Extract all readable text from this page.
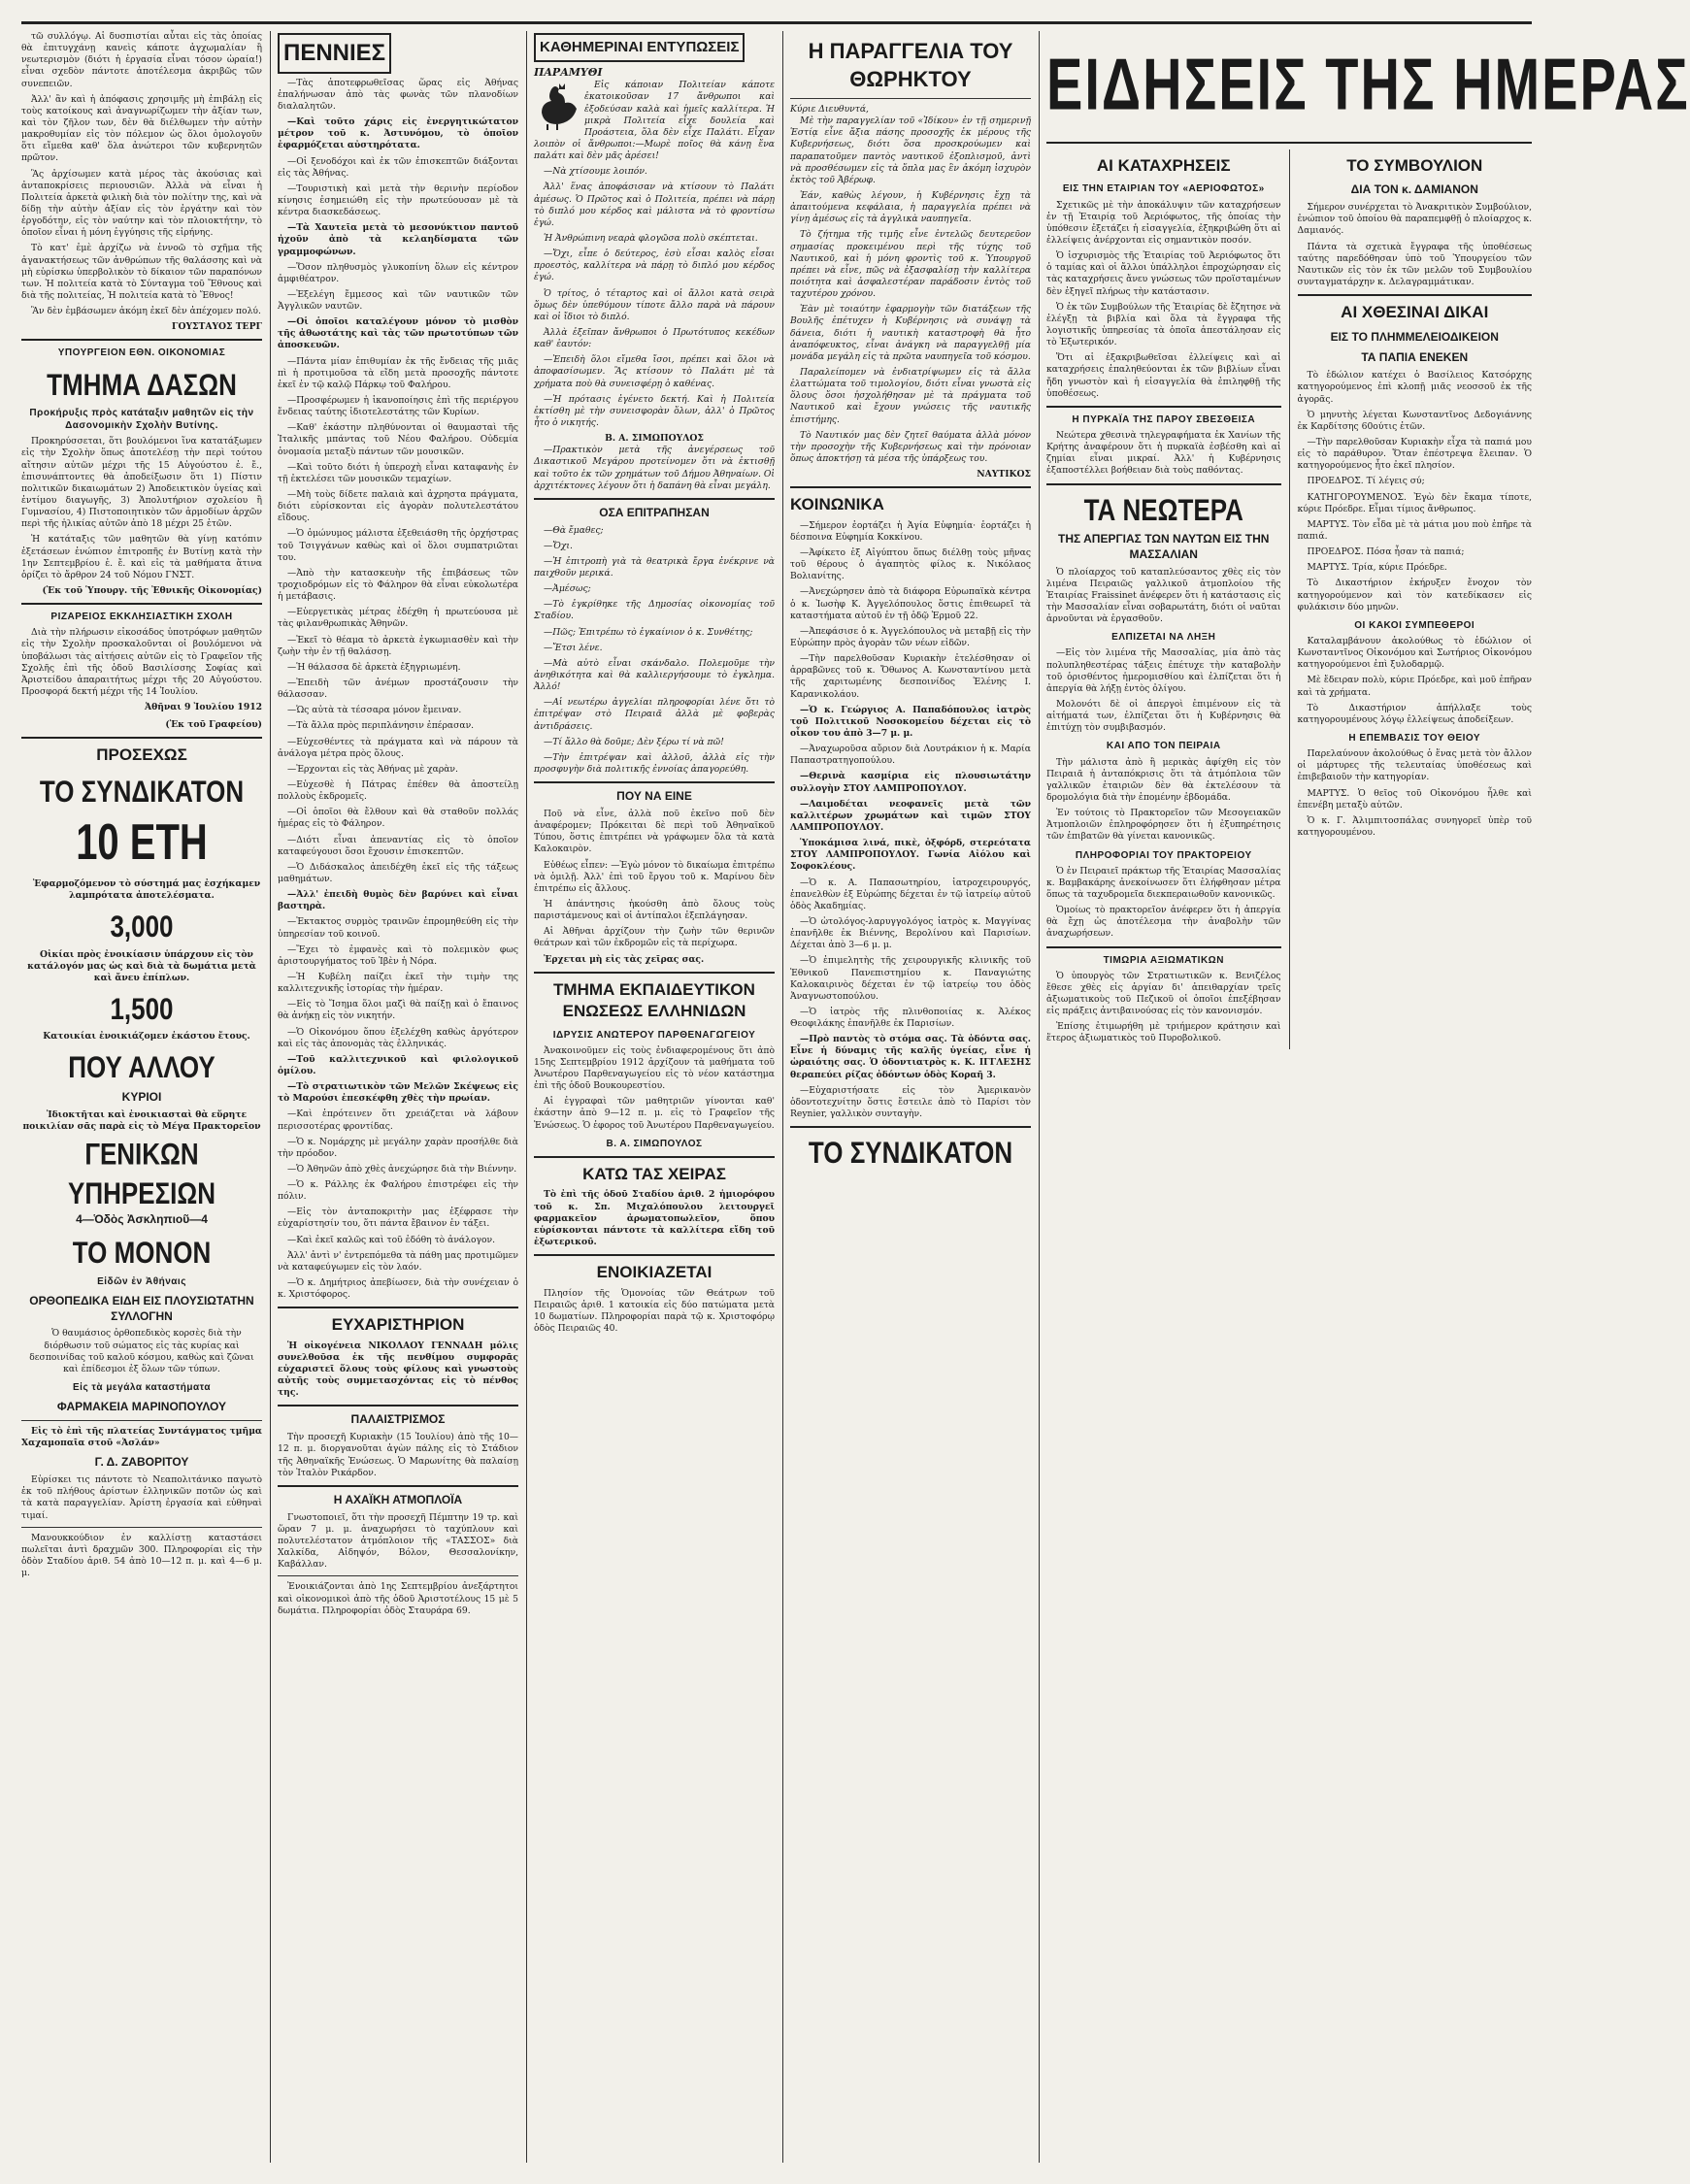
τῶ συλλόγῳ. Αἱ δυσπιστίαι αὗται εἰς τὰς ὁποίας θὰ ἐπιτυγχάνῃ κανεὶς κάποτε ἀγχωμαλίαν ἢ νεωτερισμὸν (διότι ἡ ἐργασία εἶναι τόσον ὡραία!) εἶναι σχεδὸν πάντοτε ἀποτέλεσμα ἀκριβῶς τῶν συνεπειῶν.

Ἀλλ' ἂν καὶ ἡ ἀπόφασις χρησιμῆς μὴ ἐπιβάλῃ εἰς τοὺς κατοίκους καὶ ἀναγνωρίζωμεν τὴν ἀξίαν των, καὶ τὸν ζῆλον των, δὲν θὰ διέλθωμεν τὴν αὐτὴν μακροθυμίαν εἰς τὸν πόλεμον ὡς ὅλοι ὁμολογοῦν ὅτι εἴμεθα καθ' ὅλα ἀνώτεροι τῶν κυβερνητῶν πρῶτον.

Ἃς ἀρχίσωμεν κατὰ μέρος τὰς ἀκούσιας καὶ ἀνταποκρίσεις περιουσιῶν. Ἀλλὰ νὰ εἶναι ἡ Πολιτεία ἀρκετὰ φιλικὴ διὰ τὸν πολίτην της, καὶ νὰ δίδῃ τὴν αὐτὴν ἀξίαν εἰς τὸν ἐργάτην καὶ τὸν ἐργοδότην, εἰς τὸν ναύτην καὶ τὸν πλοιοκτήτην, τὸ ὁποῖον εἶναι ἡ μόνη ἐγγύησις τῆς εἰρήνης.

Τὸ κατ' ἐμὲ ἀρχίζω νὰ ἐννοῶ τὸ σχῆμα τῆς ἀγανακτήσεως τῶν ἀνθρώπων τῆς θαλάσσης καὶ νὰ μὴ εὑρίσκω ὑπερβολικὸν τὸ δίκαιον τῶν παραπόνων των. Ἡ πολιτεία κατὰ τὸ Σύνταγμα τοῦ Ἔθνους καὶ διὰ τῆς πολιτείας, Ἡ πολιτεία κατὰ τὸ Ἔθνος!

Ἂν δὲν ἐμβάσωμεν ἀκόμη ἐκεῖ δὲν ἀπέχομεν πολύ.

ΓΟΥΣΤΑΥΟΣ ΤΕΡΓ
ΥΠΟΥΡΓΕΙΟΝ ΕΘΝ. ΟΙΚΟΝΟΜΙΑΣ
ΤΜΗΜΑ ΔΑΣΩΝ
Προκήρυξις πρὸς κατάταξιν μαθητῶν εἰς τὴν Δασονομικὴν Σχολὴν Βυτίνης.

Προκηρύσσεται, ὅτι βουλόμενοι ἵνα κατατάξωμεν εἰς τὴν Σχολὴν ὅπως ἀποτελέσῃ τὴν περὶ τούτου αἴτησιν αὐτῶν μέχρι τῆς 15 Αὐγούστου ἐ. ἔ., ἐπισυνάπτοντες θὰ ἀποδείξωσιν ὅτι 1) Πίστιν πολιτικῶν δικαιωμάτων 2) Ἀποδεικτικὸν ὑγείας καὶ ἐντίμου διαγωγῆς, 3) Ἀπολυτήριον σχολείου ἢ Γυμνασίου, 4) Πιστοποιητικὸν τῶν ἁρμοδίων ἀρχῶν περὶ τῆς ἡλικίας αὐτῶν ἀπὸ 18 μέχρι 25 ἐτῶν.

Ἡ κατάταξις τῶν μαθητῶν θὰ γίνῃ κατόπιν ἐξετάσεων ἐνώπιον ἐπιτροπῆς ἐν Βυτίνῃ κατὰ τὴν 1ην Σεπτεμβρίου ἐ. ἔ. καὶ εἰς τὰ μαθήματα ἅτινα ὁρίζει τὸ ἄρθρον 24 τοῦ Νόμου ΓΝΣΤ.

(Ἐκ τοῦ Ὑπουργ. τῆς Ἐθνικῆς Οἰκονομίας)
ΡΙΖΑΡΕΙΟΣ ΕΚΚΛΗΣΙΑΣΤΙΚΗ ΣΧΟΛΗ

Διὰ τὴν πλήρωσιν εἰκοσάδος ὑποτρόφων μαθητῶν εἰς τὴν Σχολὴν προσκαλοῦνται οἱ βουλόμενοι νὰ ὑποβάλωσι τὰς αἰτήσεις αὐτῶν εἰς τὸ Γραφεῖον τῆς Σχολῆς ἐπὶ τῆς ὁδοῦ Βασιλίσσης Σοφίας καὶ Ἀριστείδου ἀπαραιτήτως μέχρι τῆς 20 Αὐγούστου. Προσφορά δεκτή μέχρι τῆς 14 Ἰουλίου.

Ἀθῆναι 9 Ἰουλίου 1912
(Ἐκ τοῦ Γραφείου)
ΠΡΟΣΕΧΩΣ
ΤΟ ΣΥΝΔΙΚΑΤΟΝ
10 ΕΤΗ

Ἐφαρμοζόμενον τὸ σύστημά μας ἐσχήκαμεν λαμπρότατα ἀποτελέσματα.

3,000

Οἰκίαι πρὸς ἐνοικίασιν ὑπάρχουν εἰς τὸν κατάλογόν μας ὡς καὶ διὰ τὰ δωμάτια μετὰ καὶ ἄνευ ἐπίπλων.

1,500

Κατοικίαι ἐνοικιάζομεν ἑκάστου ἔτους.

ΠΟΥ ΑΛΛΟΥ
ΚΥΡΙΟΙ

Ἰδιοκτῆται καὶ ἐνοικιασταὶ θὰ εὕρητε ποικιλίαν σᾶς παρὰ εἰς τὸ Μέγα Πρακτορεῖον

ΓΕΝΙΚΩΝ ΥΠΗΡΕΣΙΩΝ
4—Ὁδὸς Ἀσκληπιοῦ—4
ΤΟ ΜΟΝΟΝ
Εἰδῶν ἐν Ἀθήναις
ΟΡΘΟΠΕΔΙΚΑ ΕΙΔΗ ΕΙΣ ΠΛΟΥΣΙΩΤΑΤΗΝ ΣΥΛΛΟΓΗΝ

Ὁ θαυμάσιος ὀρθοπεδικὸς κορσὲς διὰ τὴν διόρθωσιν τοῦ σώματος εἰς τὰς κυρίας καὶ δεσποινίδας τοῦ καλοῦ κόσμου, καθὼς καὶ ζῶναι καὶ ἐπίδεσμοι ἐξ ὅλων τῶν τύπων.

Εἰς τὰ μεγάλα καταστήματα
ΦΑΡΜΑΚΕΙΑ ΜΑΡΙΝΟΠΟΥΛΟΥ

Εἰς τὸ ἐπὶ τῆς πλατείας Συντάγματος τμῆμα Χαχαμοπαῖα στοῦ «Ἀσλάν»

Γ. Δ. ΖΑΒΟΡΙΤΟΥ

Εὑρίσκει τις πάντοτε τὸ Νεαπολιτάνικο παγωτὸ ἐκ τοῦ πλήθους ἀρίστων ἑλληνικῶν ποτῶν ὡς καὶ τὰ κατὰ παραγγελίαν. Ἀρίστη ἐργασία καὶ εὐθηναὶ τιμαί.

Μανουκκούδιον ἐν καλλίστῃ καταστάσει πωλεῖται ἀντὶ δραχμῶν 300. Πληροφορίαι εἰς τὴν ὁδὸν Σταδίου ἀριθ. 54 ἀπὸ 10—12 π. μ. καὶ 4—6 μ. μ.

ΠΕΝΝΙΕΣ

—Τὰς ἀποτεφρωθεῖσας ὥρας εἰς Ἀθήνας ἐπαλήνωσαν ἀπὸ τὰς φωνὰς τῶν πλανοδίων διαλαλητῶν.

—Καὶ τοῦτο χάρις εἰς ἐνεργητικώτατον μέτρον τοῦ κ. Ἀστυνόμου, τὸ ὁποῖον ἐφαρμόζεται αὐστηρότατα.

—Οἱ ξενοδόχοι καὶ ἐκ τῶν ἐπισκεπτῶν διάξονται εἰς τὰς Ἀθήνας.

—Τουριστικὴ καὶ μετὰ τὴν θερινὴν περίοδον κίνησις ἐσημειώθη εἰς τὴν πρωτεύουσαν μὲ τὰ κέντρα διασκεδάσεως.

—Τὰ Χαυτεῖα μετὰ τὸ μεσονύκτιον παντοῦ ἠχοῦν ἀπὸ τὰ κελαηδίσματα τῶν γραμμοφώνων.

—Ὅσον πληθυσμὸς γλυκοπίνη ὅλων εἰς κέντρον ἀμφιθέατρον.

—Ἐξελέγη ἔμμεσος καὶ τῶν ναυτικῶν τῶν Ἀγγλικῶν ναυτῶν.

—Οἱ ὁποῖοι καταλέγουν μόνον τὸ μισθὸν τῆς ἀθωοτάτης καὶ τὰς τῶν πρωτοτύπων τῶν ἀποσκευῶν.

—Πάντα μίαν ἐπιθυμίαν ἐκ τῆς ἔνδειας τῆς μιᾶς πὶ ἡ προτιμοῦσα τὰ εἴδη μετὰ προσοχῆς πάντοτε ἐκεῖ ἐν τῷ καλῷ Πάρκῳ τοῦ Φαλήρου.

—Προσφέρωμεν ἡ ἱκανοποίησις ἐπὶ τῆς περιέργου ἔνδειας ταύτης ἰδιοτελεστάτης τῶν Κυρίων.

—Καθ' ἑκάστην πληθύνονται οἱ θαυμασταὶ τῆς Ἰταλικῆς μπάντας τοῦ Νέου Φαλήρου. Οὐδεμία ὀνομασία μεταξὺ πάντων τῶν μουσικῶν.

—Καὶ τοῦτο διότι ἡ ὑπεροχὴ εἶναι καταφανὴς ἐν τῇ ἐκτελέσει τῶν μουσικῶν τεμαχίων.

—Μὴ τοὺς δίδετε παλαιὰ καὶ ἀχρηστα πράγματα, διότι εὑρίσκονται εἰς ἀγορὰν πολυτελεστάτου εἴδους.

—Ὁ ὁμώνυμος μάλιστα ἐξεθειάσθη τῆς ὀρχήστρας τοῦ Τσιγγάνων καθὼς καὶ οἱ ὅλοι συμπατριῶται του.

—Ἀπὸ τὴν κατασκευὴν τῆς ἐπιβάσεως τῶν τροχιοδρόμων εἰς τὸ Φάληρον θὰ εἶναι εὐκολωτέρα ἡ μετάβασις.

—Εὐεργετικὰς μέτρας ἐδέχθη ἡ πρωτεύουσα μὲ τὰς φιλανθρωπικὰς Ἀθηνῶν.

—Ἐκεῖ τὸ θέαμα τὸ ἀρκετὰ ἐγκωμιασθὲν καὶ τὴν ζωὴν τὴν ἐν τῇ θαλάσσῃ.

—Ἡ θάλασσα δὲ ἀρκετὰ ἐξηγριωμένη.

—Ἐπειδὴ τῶν ἀνέμων προστάζουσιν τὴν θάλασσαν.

—Ὡς αὐτὰ τὰ τέσσαρα μόνον ἔμειναν.

—Τὰ ἄλλα πρὸς περιπλάνησιν ἐπέρασαν.

—Εὐχεσθέντες τὰ πράγματα καὶ νὰ πάρουν τὰ ἀνάλογα μέτρα πρὸς ὅλους.

—Ἐρχονται εἰς τὰς Ἀθήνας μὲ χαρὰν.

—Εὐχεσθὲ ἡ Πάτρας ἐπέθεν θὰ ἀποστείλῃ πολλοὺς ἐκδρομεῖς.

—Οἱ ὁποῖοι θὰ ἔλθουν καὶ θὰ σταθοῦν πολλάς ἡμέρας εἰς τὸ Φάληρον.

—Διότι εἶναι ἀπεναντίας εἰς τὸ ὁποῖον καταφεύγουσι ὅσοι ἔχουσιν ἐπισκεπτῶν.

—Ὁ Διδάσκαλος ἀπειδέχθη ἐκεῖ εἰς τῆς τάξεως μαθημάτων.

—Ἀλλ' ἐπειδὴ θυμὸς δὲν βαρύνει καὶ εἶναι βαστηρὰ.

—Ἐκτακτος συρμὸς τραινῶν ἐπρομηθεύθη εἰς τὴν ὑπηρεσίαν τοῦ κοινοῦ.

—Ἔχει τὸ ἐμφανὲς καὶ τὸ πολεμικὸν φως ἀριστουργήματος τοῦ Ἰβὲν ἡ Νόρα.

—Ἡ Κυβέλη παίζει ἐκεῖ τὴν τιμὴν της καλλιτεχνικῆς ἱστορίας τὴν ἡμέραν.

—Εἰς τὸ Ἴσημα ὅλοι μαζὶ θὰ παίξῃ καὶ ὁ ἔπαινος θὰ ἀνήκῃ εἰς τὸν νικητήν.

—Ὁ Οἰκονόμου ὅπου ἐξελέχθη καθὼς ἀργότερον καὶ εἰς τὰς ἀπονομὰς τὰς ἑλληνικάς.

—Τοῦ καλλιτεχνικοῦ καὶ φιλολογικοῦ ὁμίλου.

—Τὸ στρατιωτικὸν τῶν Μελῶν Σκέψεως εἰς τὸ Μαρούσι ἐπεσκέφθη χθὲς τὴν πρωίαν.

—Καὶ ἐπρότεινεν ὅτι χρειάζεται νὰ λάβουν περισσοτέρας φροντίδας.

—Ὁ κ. Νομάρχης μὲ μεγάλην χαρὰν προσήλθε διὰ τὴν πρόοδον.

—Ὁ Ἀθηνῶν ἀπὸ χθὲς ἀνεχώρησε διὰ τὴν Βιέννην.

—Ὁ κ. Ράλλης ἐκ Φαλήρου ἐπιστρέφει εἰς τὴν πόλιν.

—Εἰς τὸν ἀνταποκριτὴν μας ἐξέφρασε τὴν εὐχαρίστησίν του, ὅτι πάντα ἔβαινον ἐν τάξει.

—Καὶ ἐκεῖ καλῶς καὶ τοῦ ἐδόθη τὸ ἀνάλογον.

Ἀλλ' ἀντὶ ν' ἐντρεπόμεθα τὰ πάθη μας προτιμῶμεν νὰ καταφεύγωμεν εἰς τὸν λαόν.

—Ὁ κ. Δημήτριος ἀπεβίωσεν, διὰ τὴν συνέχειαν ὁ κ. Χριστόφορος.

ΕΥΧΑΡΙΣΤΗΡΙΟΝ

Ἡ οἰκογένεια ΝΙΚΟΛΑΟΥ ΓΕΝΝΑΔΗ μόλις συνελθοῦσα ἐκ τῆς πενθίμου συμφορᾶς εὐχαριστεῖ ὅλους τοὺς φίλους καὶ γνωστοὺς αὐτῆς τοὺς συμμετασχόντας εἰς τὸ πένθος της.

ΠΑΛΑΙΣΤΡΙΣΜΟΣ

Τὴν προσεχῆ Κυριακὴν (15 Ἰουλίου) ἀπὸ τῆς 10—12 π. μ. διοργανοῦται ἀγὼν πάλης εἰς τὸ Στάδιον τῆς Ἀθηναϊκῆς Ἑνώσεως. Ὁ Μαρωνίτης θὰ παλαίσῃ τὸν Ἰταλὸν Ρικάρδον.

Η ΑΧΑΪΚΗ ΑΤΜΟΠΛΟΪΑ

Γνωστοποιεῖ, ὅτι τὴν προσεχῆ Πέμπτην 19 τρ. καὶ ὥραν 7 μ. μ. ἀναχωρήσει τὸ ταχύπλουν καὶ πολυτελέστατον ἀτμόπλοιον τῆς «ΤΑΣΣΟΣ» διὰ Χαλκίδα, Αἰδηψόν, Βόλον, Θεσσαλονίκην, Καβάλλαν.

Ἐνοικιάζονται ἀπὸ 1ης Σεπτεμβρίου ἀνεξάρτητοι καὶ οἰκονομικοὶ ἀπὸ τῆς ὁδοῦ Ἀριστοτέλους 15 μὲ 5 δωμάτια. Πληροφορίαι ὁδὸς Σταυράρα 69.

ΚΑΘΗΜΕΡΙΝΑΙ ΕΝΤΥΠΩΣΕΙΣ
ΠΑΡΑΜΥΘΙ

Εἰς κάποιαν Πολιτείαν κάποτε ἐκατοικοῦσαν 17 ἄνθρωποι καὶ ἐξοδεύσαν καλὰ καὶ ἡμεῖς καλλίτερα. Ἡ μικρὰ Πολιτεία εἶχε δουλεία καὶ Προάστεια, ὅλα δὲν εἶχε Παλάτι. Εἶχαν λοιπὸν οἱ ἄνθρωποι:—Μωρὲ ποῖος θὰ κάνῃ ἕνα παλάτι καὶ δὲν μᾶς ἀρέσει!

—Νὰ χτίσουμε λοιπόν.

Ἀλλ' ἕνας ἀποφάσισαν νὰ κτίσουν τὸ Παλάτι ἀμέσως. Ὁ Πρῶτος καὶ ὁ Πολιτεία, πρέπει νὰ πάρῃ τὸ διπλό μου κέρδος καὶ μάλιστα νὰ τὸ φροντίσω ἐγώ.

Ἡ Ἀνθρώπινη νεαρὰ φλογῶσα πολὺ σκέπτεται.

—Ὄχι, εἶπε ὁ δεύτερος, ἐσὺ εἶσαι καλὸς εἶσαι προεστὸς, καλλίτερα νὰ πάρῃ τὸ διπλό μου κέρδος ἐγώ.

Ὁ τρίτος, ὁ τέταρτος καὶ οἱ ἄλλοι κατὰ σειρὰ ὅμως δὲν ὑπεθύμουν τίποτε ἄλλο παρὰ νὰ πάρουν καὶ οἱ ἴδιοι τὸ διπλό.

Ἀλλὰ ἐξεῖπαν ἄνθρωποι ὁ Πρωτότυπος κεκέδων καθ' ἑαυτόν:

—Ἐπειδὴ ὅλοι εἴμεθα ἴσοι, πρέπει καὶ ὅλοι νὰ ἀποφασίσωμεν. Ἂς κτίσουν τὸ Παλάτι μὲ τὰ χρήματα ποὺ θὰ συνεισφέρῃ ὁ καθένας.

—Ἡ πρότασις ἐγένετο δεκτή. Καὶ ἡ Πολιτεία ἐκτίσθη μὲ τὴν συνεισφορὰν ὅλων, ἀλλ' ὁ Πρῶτος ἦτο ὁ νικητής.

Β. Α. ΣΙΜΩΠΟΥΛΟΣ

—Πρακτικὸν μετὰ τῆς ἀνεγέρσεως τοῦ Δικαστικοῦ Μεγάρου προτείνομεν ὅτι νὰ ἐκτισθῇ καὶ τοῦτο ἐκ τῶν χρημάτων τοῦ Δήμου Ἀθηναίων. Οἱ ἀρχιτέκτονες λέγουν ὅτι ἡ δαπάνη θὰ εἶναι μεγάλη.

ΟΣΑ ΕΠΙΤΡΑΠΗΣΑΝ

—Θὰ ἔμαθες;

—Ὄχι.

—Ἡ ἐπιτροπὴ γιὰ τὰ θεατρικὰ ἔργα ἐνέκρινε νὰ παιχθοῦν μερικά.

—Ἀμέσως;

—Τὸ ἐγκρίθηκε τῆς Δημοσίας οἰκονομίας τοῦ Σταδίου.

—Πῶς; Ἐπιτρέπω τὸ ἐγκαίνιον ὁ κ. Συνθέτης;

—Ἔτσι λένε.

—Μὰ αὐτὸ εἶναι σκάνδαλο. Πολεμοῦμε τὴν ἀνηθικότητα καὶ θὰ καλλιεργήσουμε τὸ ἐγκλημα. Ἀλλό!

—Αἱ νεωτέρω ἀγγελίαι πληροφορίαι λένε ὅτι τὸ ἐπιτρέψαν στὸ Πειραιᾶ ἀλλὰ μὲ φοβερὰς ἀντιδράσεις.

—Τί ἄλλο θὰ δοῦμε; Δὲν ξέρω τί νὰ πῶ!

—Τὴν ἐπιτρέψαν καὶ ἀλλοῦ, ἀλλὰ εἰς τὴν προσφυγὴν διὰ πολιτικῆς ἐννοίας ἀπαγορεύθη.

ΠΟΥ ΝΑ ΕΙΝΕ

Ποῦ νὰ εἶνε, ἀλλὰ ποῦ ἐκεῖνο ποῦ δὲν ἀναφέρομεν; Πρόκειται δὲ περὶ τοῦ Ἀθηναϊκοῦ Τύπου, ὅστις ἐπιτρέπει νὰ γράφωμεν ὅλα τὰ κατὰ Καλοκαιρὸν.

Εὐθέως εἶπεν: —Ἐγὼ μόνον τὸ δικαίωμα ἐπιτρέπω νὰ ὁμιλῇ. Ἀλλ' ἐπὶ τοῦ ἔργου τοῦ κ. Μαρίνου δὲν ἐπιτρέπω εἰς ἄλλους.

Ἡ ἀπάντησις ἠκούσθη ἀπὸ ὅλους τοὺς παριστάμενους καὶ οἱ ἀντίπαλοι ἐξεπλάγησαν.

Αἱ Ἀθῆναι ἀρχίζουν τὴν ζωὴν τῶν θερινῶν θεάτρων καὶ τῶν ἐκδρομῶν εἰς τὰ περίχωρα.

Ἐρχεται μὴ εἰς τὰς χεῖρας σας.

ΤΜΗΜΑ ΕΚΠΑΙΔΕΥΤΙΚΟΝ ΕΝΩΣΕΩΣ ΕΛΛΗΝΙΔΩΝ
ΙΔΡΥΣΙΣ ΑΝΩΤΕΡΟΥ ΠΑΡΘΕΝΑΓΩΓΕΙΟΥ

Ἀνακοινοῦμεν εἰς τοὺς ἐνδιαφερομένους ὅτι ἀπὸ 15ης Σεπτεμβρίου 1912 ἀρχίζουν τὰ μαθήματα τοῦ Ἀνωτέρου Παρθεναγωγείου εἰς τὸ νέον κατάστημα ἐπὶ τῆς ὁδοῦ Βουκουρεστίου.

Αἱ ἐγγραφαὶ τῶν μαθητριῶν γίνονται καθ' ἑκάστην ἀπὸ 9—12 π. μ. εἰς τὸ Γραφεῖον τῆς Ἑνώσεως. Ὁ ἐφορος τοῦ Ἀνωτέρου Παρθεναγωγείου.

Β. Α. ΣΙΜΩΠΟΥΛΟΣ
ΚΑΤΩ ΤΑΣ ΧΕΙΡΑΣ

Τὸ ἐπὶ τῆς ὁδοῦ Σταδίου ἀριθ. 2 ἡμιορόφου τοῦ κ. Σπ. Μιχαλόπουλου λειτουργεῖ φαρμακεῖον ἀρωματοπωλεῖον, ὅπου εὑρίσκονται πάντοτε τὰ καλλίτερα εἴδη τοῦ ἐξωτερικοῦ.

ΕΝΟΙΚΙΑΖΕΤΑΙ

Πλησίον τῆς Ὁμονοίας τῶν Θεάτρων τοῦ Πειραιῶς ἀριθ. 1 κατοικία εἰς δύο πατώματα μετὰ 10 δωματίων. Πληροφορίαι παρὰ τῷ κ. Χριστοφόρῳ ὁδὸς Πειραιῶς 40.

Η ΠΑΡΑΓΓΕΛΙΑ ΤΟΥ ΘΩΡΗΚΤΟΥ
Κύριε Διευθυντά,

Μὲ τὴν παραγγελίαν τοῦ «Ἰδίκου» ἐν τῇ σημερινῇ Ἑστίᾳ εἶνε ἄξια πάσης προσοχῆς ἐκ μέρους τῆς Κυβερνήσεως, διότι ὅσα προσκρούωμεν καὶ παραπατοῦμεν παντὸς ναυτικοῦ ἐξοπλισμοῦ, ἀντὶ νὰ προσθέσωμεν εἰς τὰ ὅπλα μας ἓν ἀκόμη ἰσχυρὸν ἐκτὸς τοῦ Ἀβέρωφ.

Ἐάν, καθὼς λέγουν, ἡ Κυβέρνησις ἔχῃ τὰ ἀπαιτούμενα κεφάλαια, ἡ παραγγελία πρέπει νὰ γίνῃ ἀμέσως εἰς τὰ ἀγγλικὰ ναυπηγεῖα.

Τὸ ζήτημα τῆς τιμῆς εἶνε ἐντελῶς δευτερεῦον σημασίας προκειμένου περὶ τῆς τύχης τοῦ Ναυτικοῦ, καὶ ἡ μόνη φροντὶς τοῦ κ. Ὑπουργοῦ πρέπει νὰ εἶνε, πῶς νὰ ἐξασφαλίσῃ τὴν καλλίτερα ποιότητα καὶ ἀσφαλεστέραν παράδοσιν ἐντὸς τοῦ ταχυτέρου χρόνου.

Ἐὰν μὲ τοιαύτην ἐφαρμογὴν τῶν διατάξεων τῆς Βουλῆς ἐπέτυχεν ἡ Κυβέρνησις νὰ συνάψῃ τὰ δάνεια, διότι ἡ ναυτικὴ καταστροφὴ θὰ ἦτο ἀναπόφευκτος, εἶναι ἀνάγκη νὰ παραγγελθῇ μία μονάδα μεγάλη εἰς τὰ πρῶτα ναυπηγεῖα τοῦ κόσμου.

Παραλείπομεν νὰ ἐνδιατρίψωμεν εἰς τὰ ἄλλα ἐλαττώματα τοῦ τιμολογίου, διότι εἶναι γνωστὰ εἰς ὅλους ὅσοι ἠσχολήθησαν μὲ τὰ πράγματα τοῦ Ναυτικοῦ καὶ ἔχουν γνώσεις τῆς ναυτικῆς ἐπιστήμης.

Τὸ Ναυτικόν μας δὲν ζητεῖ θαύματα ἀλλὰ μόνον τὴν προσοχὴν τῆς Κυβερνήσεως καὶ τὴν πρόνοιαν ὅπως ἀποκτήσῃ τὰ μέσα τῆς ὑπάρξεως του.

ΝΑΥΤΙΚΟΣ
ΚΟΙΝΩΝΙΚΑ

—Σήμερον ἑορτάζει ἡ Ἁγία Εὐφημία· ἑορτάζει ἡ δέσποινα Εὐφημία Κοκκίνου.

—Ἀφίκετο ἐξ Αἰγύπτου ὅπως διέλθῃ τοὺς μῆνας τοῦ θέρους ὁ ἀγαπητὸς φίλος κ. Νικόλαος Βολιανίτης.

—Ἀνεχώρησεν ἀπὸ τὰ διάφορα Εὐρωπαϊκὰ κέντρα ὁ κ. Ἰωσὴφ Κ. Ἀγγελόπουλος ὅστις ἐπιθεωρεῖ τὰ καταστήματα αὐτοῦ ἐν τῇ ὁδῷ Ἑρμοῦ 22.

—Ἀπεφάσισε ὁ κ. Ἀγγελόπουλος νὰ μεταβῇ εἰς τὴν Εὐρώπην πρὸς ἀγορὰν τῶν νέων εἰδῶν.

—Τὴν παρελθοῦσαν Κυριακὴν ἐτελέσθησαν οἱ ἀρραβῶνες τοῦ κ. Ὄθωνος Α. Κωνσταντίνου μετὰ τῆς χαριτωμένης δεσποινίδος Ἑλένης Ι. Καρανικολάου.

—Ὁ κ. Γεώργιος Α. Παπαδόπουλος ἰατρὸς τοῦ Πολιτικοῦ Νοσοκομείου δέχεται εἰς τὸ οἶκον του ἀπὸ 3—7 μ. μ.

—Ἀναχωροῦσα αὔριον διὰ Λουτράκιον ἡ κ. Μαρία Παπαστρατηγοπούλου.

—Θερινὰ κασμίρια εἰς πλουσιωτάτην συλλογὴν ΣΤΟΥ ΛΑΜΠΡΟΠΟΥΛΟΥ.

—Λαιμοδέται νεοφανεῖς μετὰ τῶν καλλιτέρων χρωμάτων καὶ τιμῶν ΣΤΟΥ ΛΑΜΠΡΟΠΟΥΛΟΥ.

Ὑποκάμισα λινά, πικὲ, ὀξφόρδ, στερεότατα ΣΤΟΥ ΛΑΜΠΡΟΠΟΥΛΟΥ. Γωνία Αἰόλου καὶ Σοφοκλέους.

—Ὁ κ. Α. Παπασωτηρίου, ἰατροχειρουργός, ἐπανελθὼν ἐξ Εὐρώπης δέχεται ἐν τῷ ἰατρείῳ αὐτοῦ ὁδὸς Ἀκαδημίας.

—Ὁ ὠτολόγος-λαρυγγολόγος ἰατρὸς κ. Μαγγίνας ἐπανῆλθε ἐκ Βιέννης, Βερολίνου καὶ Παρισίων. Δέχεται ἀπὸ 3—6 μ. μ.

—Ὁ ἐπιμελητὴς τῆς χειρουργικῆς κλινικῆς τοῦ Ἐθνικοῦ Πανεπιστημίου κ. Παναγιώτης Καλοκαιρινὸς δέχεται ἐν τῷ ἰατρείῳ του ὁδὸς Ἀναγνωστοπούλου.

—Ὁ ἰατρὸς τῆς πλινθοποιίας κ. Ἀλέκος Θεοφιλάκης ἐπανῆλθε ἐκ Παρισίων.

—Πρὸ παντὸς τὸ στόμα σας. Τὰ ὀδόντα σας. Εἶνε ἡ δύναμις τῆς καλῆς ὑγείας, εἶνε ἡ ὡραιότης σας. Ὁ ὀδοντιατρὸς κ. Κ. ΙΓΓΛΕΣΗΣ θεραπεύει ρίζας ὀδόντων ὁδὸς Κοραῆ 3.

—Εὐχαριστήσατε εἰς τὸν Ἀμερικανὸν ὀδοντοτεχνίτην ὅστις ἔστειλε ἀπὸ τὸ Παρίσι τὸν Reynier, γαλλικὸν συνταγὴν.

ΤΟ ΣΥΝΔΙΚΑΤΟΝ
ΕΙΔΗΣΕΙΣ ΤΗΣ ΗΜΕΡΑΣ
ΑΙ ΚΑΤΑΧΡΗΣΕΙΣ
ΕΙΣ ΤΗΝ ΕΤΑΙΡΙΑΝ ΤΟΥ «ΑΕΡΙΟΦΩΤΟΣ»

Σχετικῶς μὲ τὴν ἀποκάλυψιν τῶν καταχρήσεων ἐν τῇ Ἑταιρίᾳ τοῦ Ἀεριόφωτος, τῆς ὁποίας τὴν ὑπόθεσιν ἐξετάζει ἡ εἰσαγγελία, ἐξηκριβώθη ὅτι αἱ ἐλλείψεις ἀνέρχονται εἰς σημαντικὸν ποσόν.

Ὁ ἰσχυρισμὸς τῆς Ἑταιρίας τοῦ Ἀεριόφωτος ὅτι ὁ ταμίας καὶ οἱ ἄλλοι ὑπάλληλοι ἐπροχώρησαν εἰς τὰς καταχρήσεις ἄνευ γνώσεως τῶν προϊσταμένων δὲν ἐξηγεῖ πλήρως τὴν κατάστασιν.

Ὁ ἐκ τῶν Συμβούλων τῆς Ἑταιρίας δὲ ἔζητησε νὰ ἐλέγξῃ τὰ βιβλία καὶ ὅλα τὰ ἔγγραφα τῆς λογιστικῆς ὑπηρεσίας τὰ ὁποῖα ἀπεστάλησαν εἰς τὸ Ἐξωτερικόν.

Ὅτι αἱ ἐξακριβωθεῖσαι ἐλλείψεις καὶ αἱ καταχρήσεις ἐπαληθεύονται ἐκ τῶν βιβλίων εἶναι ἤδη γνωστὸν καὶ ἡ εἰσαγγελία θὰ ἐπιληφθῇ τῆς ὑποθέσεως.

Η ΠΥΡΚΑΪΑ ΤΗΣ ΠΑΡΟΥ ΣΒΕΣΘΕΙΣΑ

Νεώτερα χθεσινὰ τηλεγραφήματα ἐκ Χανίων τῆς Κρήτης ἀναφέρουν ὅτι ἡ πυρκαϊὰ ἐσβέσθη καὶ αἱ ζημίαι εἶναι μικραί. Ἀλλ' ἡ Κυβέρνησις ἐξαποστέλλει βοήθειαν διὰ τοὺς παθόντας.

ΤΑ ΝΕΩΤΕΡΑ
ΤΗΣ ΑΠΕΡΓΙΑΣ ΤΩΝ ΝΑΥΤΩΝ ΕΙΣ ΤΗΝ ΜΑΣΣΑΛΙΑΝ

Ὁ πλοίαρχος τοῦ καταπλεύσαντος χθὲς εἰς τὸν λιμένα Πειραιῶς γαλλικοῦ ἀτμοπλοίου τῆς Ἑταιρίας Fraissinet ἀνέφερεν ὅτι ἡ κατάστασις εἰς τὴν Μασσαλίαν εἶναι σοβαρωτάτη, διότι οἱ ναῦται ἀρνοῦνται νὰ ἐργασθοῦν.

ΕΛΠΙΖΕΤΑΙ ΝΑ ΛΗΞΗ

—Εἰς τὸν λιμένα τῆς Μασσαλίας, μία ἀπὸ τὰς πολυπληθεστέρας τάξεις ἐπέτυχε τὴν καταβολὴν τοῦ ὁρισθέντος ἡμερομισθίου καὶ ἐλπίζεται ὅτι ἡ ἀπεργία θὰ λήξῃ ἐντὸς ὀλίγου.

Μολονότι δὲ οἱ ἀπεργοὶ ἐπιμένουν εἰς τὰ αἰτήματά των, ἐλπίζεται ὅτι ἡ Κυβέρνησις θὰ ἐπιτύχῃ τὸν συμβιβασμόν.

ΚΑΙ ΑΠΟ ΤΟΝ ΠΕΙΡΑΙΑ

Τὴν μάλιστα ἀπὸ ἢ μερικὰς ἀφίχθη εἰς τὸν Πειραιᾶ ἡ ἀνταπόκρισις ὅτι τὰ ἀτμόπλοια τῶν γαλλικῶν ἑταιριῶν δὲν θὰ ἐκτελέσουν τὰ δρομολόγια διὰ τὴν ἑπομένην ἑβδομάδα.

Ἐν τούτοις τὸ Πρακτορεῖον τῶν Μεσογειακῶν Ἀτμοπλοιῶν ἐπληροφόρησεν ὅτι ἡ ἐξυπηρέτησις τῶν ἐπιβατῶν θὰ γίνεται κανονικῶς.

ΠΛΗΡΟΦΟΡΙΑΙ ΤΟΥ ΠΡΑΚΤΟΡΕΙΟΥ

Ὁ ἐν Πειραιεῖ πράκτωρ τῆς Ἑταιρίας Μασσαλίας κ. Βαμβακάρης ἀνεκοίνωσεν ὅτι ἐλήφθησαν μέτρα ὅπως τὰ ταχυδρομεῖα διεκπεραιωθοῦν κανονικῶς.

Ὁμοίως τὸ πρακτορεῖον ἀνέφερεν ὅτι ἡ ἀπεργία θὰ ἔχῃ ὡς ἀποτέλεσμα τὴν ἀναβολὴν τῶν ἀναχωρήσεων.

ΤΙΜΩΡΙΑ ΑΞΙΩΜΑΤΙΚΩΝ

Ὁ ὑπουργὸς τῶν Στρατιωτικῶν κ. Βενιζέλος ἔθεσε χθὲς εἰς ἀργίαν δι' ἀπειθαρχίαν τρεῖς ἀξιωματικοὺς τοῦ Πεζικοῦ οἱ ὁποῖοι ἐπεξέβησαν εἰς πράξεις ἀντιβαινούσας εἰς τὸν κανονισμόν.

Ἐπίσης ἐτιμωρήθη μὲ τριήμερον κράτησιν καὶ ἕτερος ἀξιωματικὸς τοῦ Πυροβολικοῦ.

ΤΟ ΣΥΜΒΟΥΛΙΟΝ
ΔΙΑ ΤΟΝ κ. ΔΑΜΙΑΝΟΝ

Σήμερον συνέρχεται τὸ Ἀνακριτικὸν Συμβούλιον, ἐνώπιον τοῦ ὁποίου θὰ παραπεμφθῇ ὁ πλοίαρχος κ. Δαμιανός.

Πάντα τὰ σχετικὰ ἔγγραφα τῆς ὑποθέσεως ταύτης παρεδόθησαν ὑπὸ τοῦ Ὑπουργείου τῶν Ναυτικῶν εἰς τὸν ἐκ τῶν μελῶν τοῦ Συμβουλίου συνταγματάρχην κ. Δελαγραμμάτικαν.

ΑΙ ΧΘΕΣΙΝΑΙ ΔΙΚΑΙ
ΕΙΣ ΤΟ ΠΛΗΜΜΕΛΕΙΟΔΙΚΕΙΟΝ
ΤΑ ΠΑΠΙΑ ΕΝΕΚΕΝ

Τὸ ἑδώλιον κατέχει ὁ Βασίλειος Κατσόρχης κατηγορούμενος ἐπὶ κλοπῇ μιᾶς νεοσσοῦ ἐκ τῆς ἀγορᾶς.

Ὁ μηνυτὴς λέγεται Κωνσταντῖνος Δεδογιάννης ἐκ Καρδίτσης 60ούτις ἐτῶν.

—Τὴν παρελθοῦσαν Κυριακὴν εἶχα τὰ παπιά μου εἰς τὸ παράθυρον. Ὅταν ἐπέστρεψα ἔλειπαν. Ὁ κατηγορούμενος ἦτο ἐκεῖ πλησίον.

ΠΡΟΕΔΡΟΣ. Τί λέγεις σύ;

ΚΑΤΗΓΟΡΟΥΜΕΝΟΣ. Ἐγὼ δὲν ἔκαμα τίποτε, κύριε Πρόεδρε. Εἶμαι τίμιος ἄνθρωπος.

ΜΑΡΤΥΣ. Τὸν εἶδα μὲ τὰ μάτια μου ποὺ ἐπῆρε τὰ παπιά.

ΠΡΟΕΔΡΟΣ. Πόσα ἦσαν τὰ παπιά;

ΜΑΡΤΥΣ. Τρία, κύριε Πρόεδρε.

Τὸ Δικαστήριον ἐκήρυξεν ἔνοχον τὸν κατηγορούμενον καὶ τὸν κατεδίκασεν εἰς φυλάκισιν δύο μηνῶν.

ΟΙ ΚΑΚΟΙ ΣΥΜΠΕΘΕΡΟΙ

Καταλαμβάνουν ἀκολούθως τὸ ἑδώλιον οἱ Κωνσταντῖνος Οἰκονόμου καὶ Σωτήριος Οἰκονόμου κατηγορούμενοι ἐπὶ ξυλοδαρμῷ.

Μὲ ἔδειραν πολὺ, κύριε Πρόεδρε, καὶ μοῦ ἐπῆραν καὶ τὰ χρήματα.

Τὸ Δικαστήριον ἀπήλλαξε τοὺς κατηγορουμένους λόγῳ ἐλλείψεως ἀποδείξεων.

Η ΕΠΕΜΒΑΣΙΣ ΤΟΥ ΘΕΙΟΥ

Παρελαύνουν ἀκολούθως ὁ ἕνας μετὰ τὸν ἄλλον οἱ μάρτυρες τῆς τελευταίας ὑποθέσεως καὶ ἐπιβεβαιοῦν τὴν κατηγορίαν.

ΜΑΡΤΥΣ. Ὁ θεῖος τοῦ Οἰκονόμου ἦλθε καὶ ἐπενέβη μεταξὺ αὐτῶν.

Ὁ κ. Γ. Ἀλιμπιτοσπάλας συνηγορεῖ ὑπὲρ τοῦ κατηγορουμένου.
